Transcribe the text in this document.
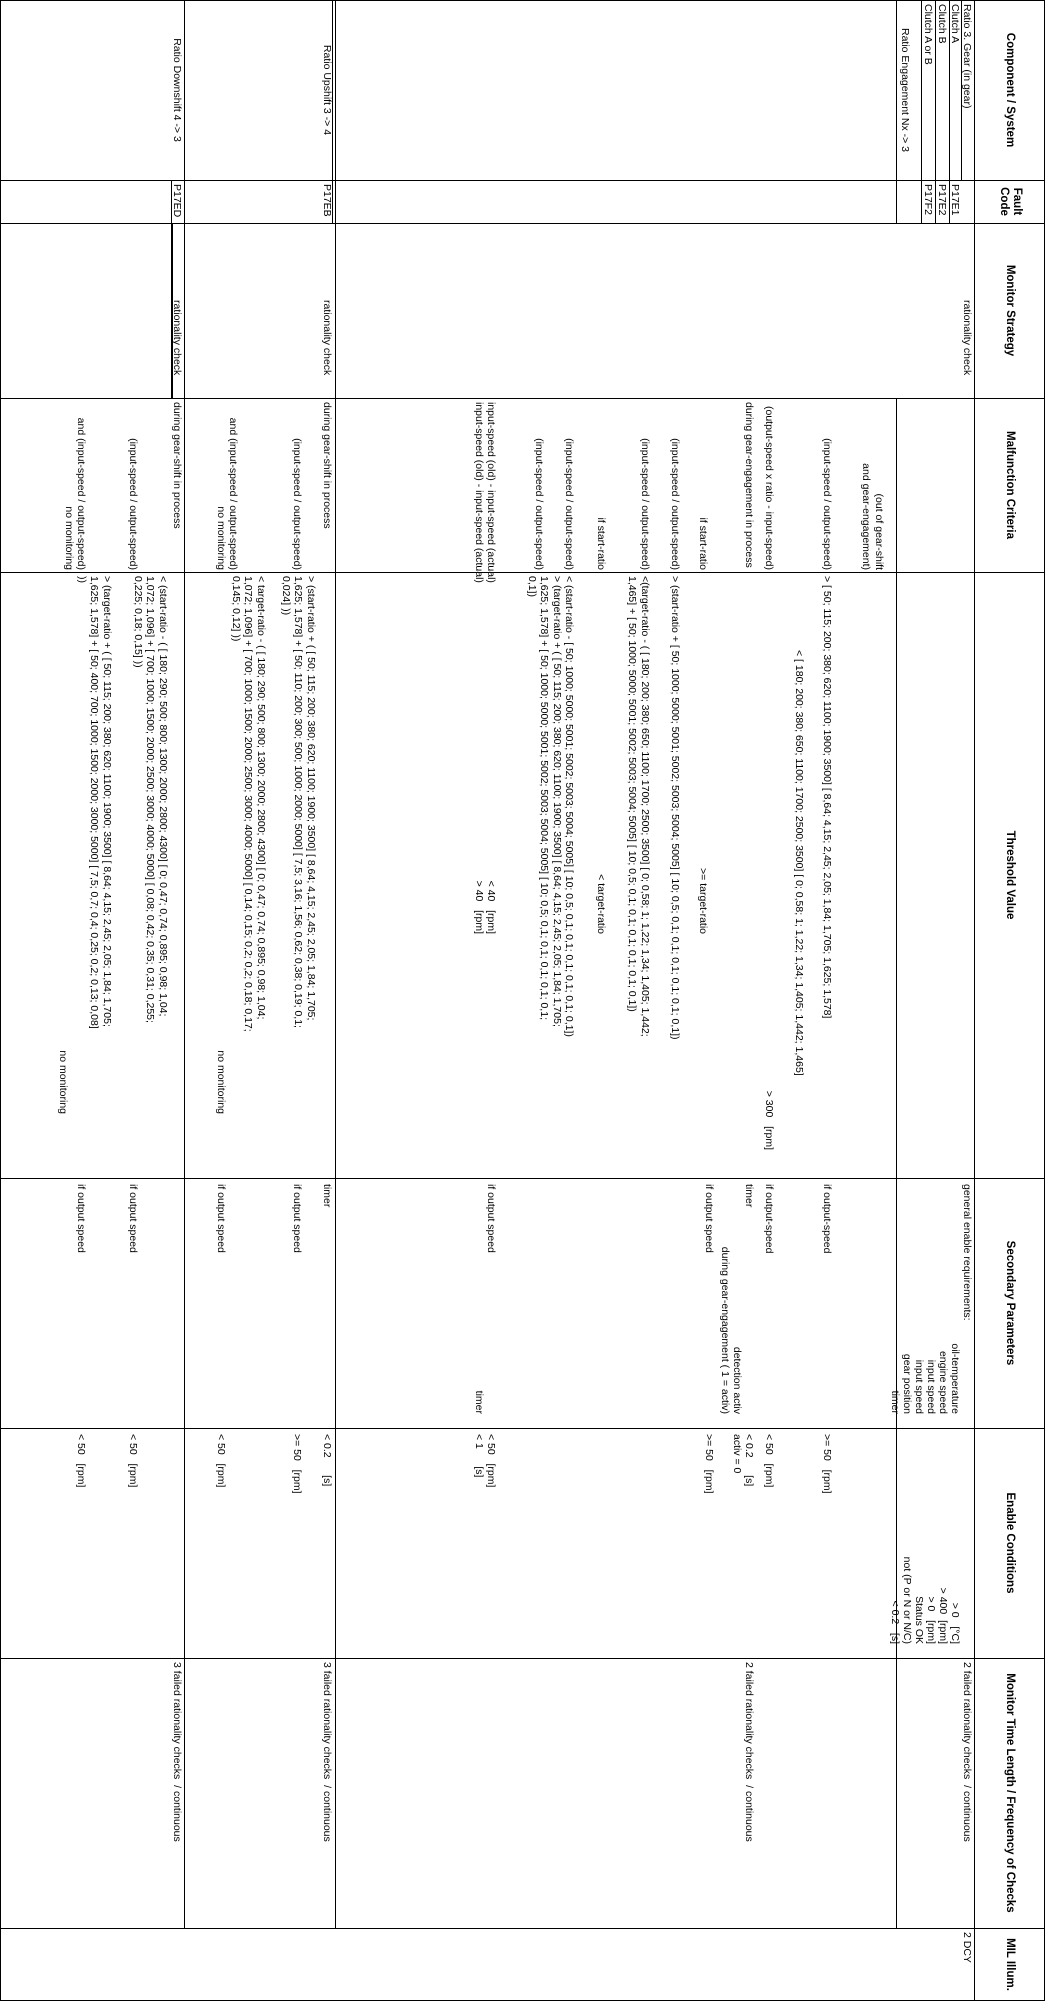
Component / System
Fault Code
Monitor Strategy
Malfunction Criteria
Threshold Value
Secondary Parameters
Enable Conditions
Monitor Time Length / Frequency of Checks
MIL Illum.
Ratio 3. Gear (in gear)
Clutch A
Clutch B
Clutch A or B
P17E1
P17E2
P17F2
rationality check
general enable requirements:
oil-temperature
engine speed
input speed
input speed
gear position
timer
> 0   [°C]
> 400  [rpm]
> 0   [rpm]
Status OK
not (P or N or N/C)
< 0.2   [s]
(out of gear-shift
and gear-engagement)
(input-speed / output-speed)
> [ 50; 115; 200; 380; 620; 1100; 1900; 3500] [ 8,64; 4,15; 2,45; 2,05; 1,84; 1,705; 1,625; 1,578]
< [ 180; 200; 380; 650; 1100; 1700; 2500; 3500] [ 0; 0,58; 1; 1,22; 1,34; 1,405; 1,442; 1,465]
if output-speed
>= 50   [rpm]
(output-speed x ratio - input-speed)
> 300   [rpm]
if output-speed
< 50   [rpm]
2 failed rationality checks  / continuous
2 DCY
Ratio Engagement Nx -> 3
during gear-engagement in process
timer
< 0.2      [s]
detection activ
activ = 0
during gear-engagement ( 1 = activ)
if start-ratio
>= target-ratio
(input-speed / output-speed)
> (start-ratio + [ 50; 1000; 5000; 5001; 5002; 5003; 5004; 5005] [ 10; 0,5; 0,1; 0,1; 0,1; 0,1; 0,1; 0,1])
if output speed
>= 50   [rpm]
(input-speed / output-speed)
<(target-ratio - ( [ 180; 200; 380; 650; 1100; 1700; 2500; 3500] [ 0; 0,58; 1; 1,22; 1,34; 1,405; 1,442;
1,465] + [ 50; 1000; 5000; 5001; 5002; 5003; 5004; 5005] [ 10; 0,5; 0,1; 0,1; 0,1; 0,1; 0,1; 0,1])
if start-ratio
< target-ratio
(input-speed / output-speed)
< (start-ratio - [ 50; 1000; 5000; 5001; 5002; 5003; 5004; 5005] [ 10; 0,5; 0,1; 0,1; 0,1; 0,1; 0,1; 0,1])
(input-speed / output-speed)
> (target-ratio + ( [ 50; 115; 200; 380; 620; 1100; 1900; 3500] [ 8,64; 4,15; 2,45; 2,05; 1,84; 1,705;
1,625; 1,578] + [ 50; 1000; 5000; 5001; 5002; 5003; 5004; 5005] [ 10; 0,5; 0,1; 0,1; 0,1; 0,1; 0,1;
0,1])
input-speed (old) - input-speed (actual)
< 40   [rpm]
if output speed
< 50   [rpm]
input-speed (old) - input-speed (actual)
> 40   [rpm]
timer
< 1      [s]
2 failed rationality checks  / continuous
Ratio Upshift 3 -> 4
P17EB
rationality check
during gear-shift in process
timer
< 0.2      [s]
(input-speed / output-speed)
> (start-ratio + ( [ 50; 115; 200; 380; 620; 1100; 1900; 3500] [ 8,64; 4,15; 2,45; 2,05; 1,84; 1,705;
1,625; 1,578] + [ 50; 110; 200; 300; 500; 1000; 2000; 5000] [ 7,5; 3,16; 1,56; 0,62; 0,38; 0,19; 0,1;
0,024] ))
if output speed
>= 50   [rpm]
and (input-speed / output-speed)
< target-ratio - ( [ 180; 290; 500; 800; 1300; 2000; 2800; 4300] [ 0; 0,47; 0,74; 0,895; 0,98; 1,04;
1,072; 1,096] + [ 700; 1000; 1500; 2000; 2500; 3000; 4000; 5000] [ 0,14; 0,15; 0,2; 0,2; 0,18; 0,17;
0,145; 0,12] ))
no monitoring
no monitoring
if output speed
< 50   [rpm]
3 failed rationality checks  / continuous
Ratio Downshift 4 -> 3
P17ED
rationality check
during gear-shift in process
(input-speed / output-speed)
< (start-ratio - ( [ 180; 290; 500; 800; 1300; 2000; 2800; 4300] [ 0; 0,47; 0,74; 0,895; 0,98; 1,04;
1,072; 1,096] + [ 700; 1000; 1500; 2000; 2500; 3000; 4000; 5000] [ 0,08; 0,42; 0,35; 0,31; 0,255;
0,225; 0,18; 0,15] ))
if output speed
< 50   [rpm]
and (input-speed / output-speed)
> (target-ratio + ( [ 50; 115; 200; 380; 620; 1100; 1900; 3500] [ 8,64; 4,15; 2,45; 2,05; 1,84; 1,705;
1,625; 1,578] + [ 50; 400; 700; 1000; 1500; 2000; 3000; 5000] [ 7,5; 0,7; 0,4; 0,25; 0,2; 0,13; 0,08]
))
no monitoring
no monitoring
if output speed
< 50   [rpm]
3 failed rationality checks  / continuous
